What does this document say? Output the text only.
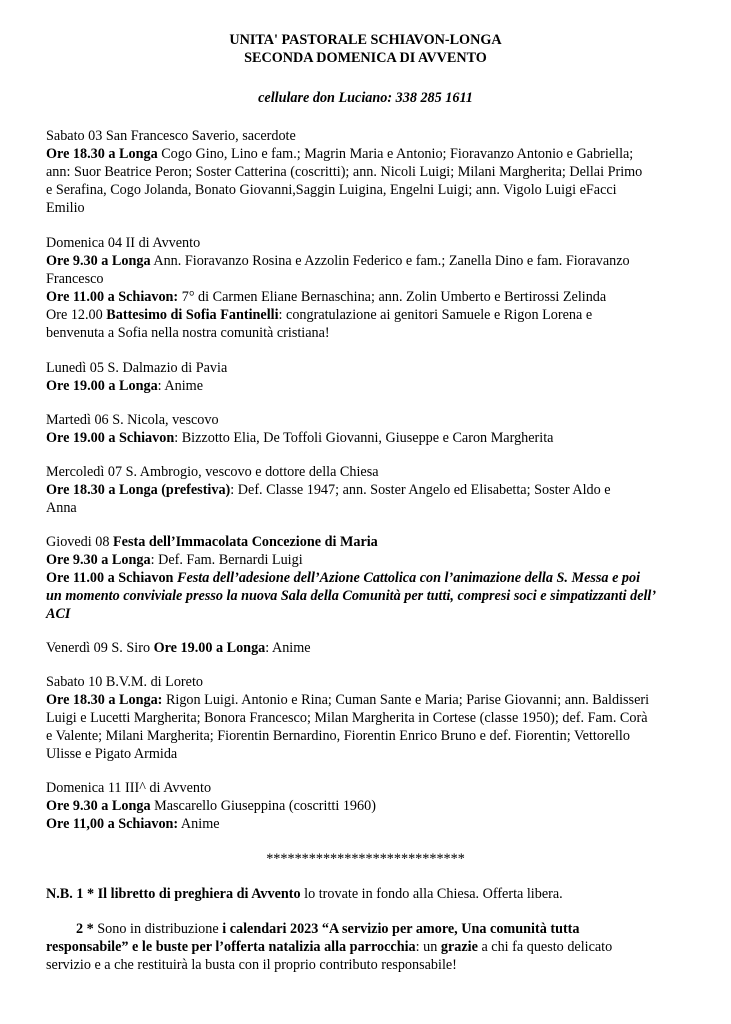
UNITA' PASTORALE SCHIAVON-LONGA
SECONDA DOMENICA DI AVVENTO
cellulare don Luciano: 338 285 1611
Sabato 03 San Francesco Saverio, sacerdote
Ore 18.30 a Longa Cogo Gino, Lino e fam.; Magrin Maria e Antonio; Fioravanzo Antonio e Gabriella;
ann: Suor Beatrice Peron; Soster Catterina (coscritti); ann. Nicoli Luigi; Milani Margherita; Dellai Primo
e Serafina, Cogo Jolanda, Bonato Giovanni,Saggin Luigina, Engelni Luigi; ann. Vigolo Luigi eFacci
Emilio
Domenica 04 II di Avvento
Ore 9.30 a Longa Ann. Fioravanzo Rosina e Azzolin Federico e fam.; Zanella Dino e fam. Fioravanzo
Francesco
Ore 11.00 a Schiavon: 7° di Carmen Eliane Bernaschina; ann. Zolin Umberto e Bertirossi Zelinda
Ore 12.00 Battesimo di Sofia Fantinelli: congratulazione ai genitori Samuele e Rigon Lorena e
benvenuta a Sofia nella nostra comunità cristiana!
Lunedì 05 S. Dalmazio di Pavia
Ore 19.00 a Longa: Anime
Martedì 06 S. Nicola, vescovo
Ore 19.00 a Schiavon: Bizzotto Elia, De Toffoli Giovanni, Giuseppe e Caron Margherita
Mercoledì 07 S. Ambrogio, vescovo e dottore della Chiesa
Ore 18.30 a Longa (prefestiva): Def. Classe 1947; ann. Soster Angelo ed Elisabetta; Soster Aldo e
Anna
Giovedi 08 Festa dell’Immacolata Concezione di Maria
Ore 9.30 a Longa: Def. Fam. Bernardi Luigi
Ore 11.00 a Schiavon Festa dell’adesione dell’Azione Cattolica con l’animazione della S. Messa e poi
un momento conviviale presso la nuova Sala della Comunità per tutti, compresi soci e simpatizzanti dell’
ACI
Venerdì 09 S. Siro Ore 19.00 a Longa: Anime
Sabato 10 B.V.M. di Loreto
Ore 18.30 a Longa: Rigon Luigi. Antonio e Rina; Cuman Sante e Maria; Parise Giovanni; ann. Baldisseri
Luigi e Lucetti Margherita; Bonora Francesco; Milan Margherita in Cortese (classe 1950); def. Fam. Corà
e Valente; Milani Margherita; Fiorentin Bernardino, Fiorentin Enrico Bruno e def. Fiorentin; Vettorello
Ulisse e Pigato Armida
Domenica 11 III^ di Avvento
Ore 9.30 a Longa Mascarello Giuseppina (coscritti 1960)
Ore 11,00 a Schiavon: Anime
****************************
N.B. 1 * Il libretto di preghiera di Avvento lo trovate in fondo alla Chiesa. Offerta libera.
2 * Sono in distribuzione i calendari 2023 “A servizio per amore, Una comunità tutta
responsabile” e le buste per l’offerta natalizia alla parrocchia: un grazie a chi fa questo delicato
servizio e a che restituirà la busta con il proprio contributo responsabile!
